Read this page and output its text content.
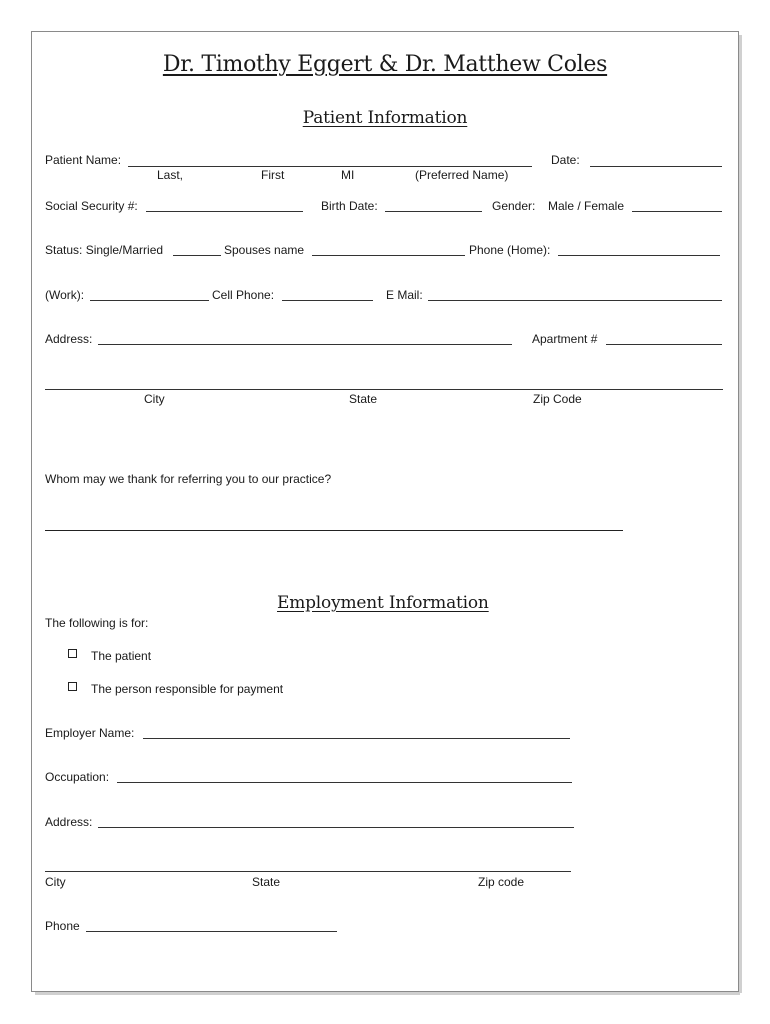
Dr. Timothy Eggert & Dr. Matthew Coles
Patient Information
Patient Name:	Date:
Last,	First	MI	(Preferred Name)
Social Security #:	Birth Date:	Gender: Male / Female
Status: Single/Married	Spouses name	Phone (Home):
(Work):	Cell Phone:	E Mail:
Address:	Apartment #
City	State	Zip Code
Whom may we thank for referring you to our practice?
Employment Information
The following is for:
The patient
The person responsible for payment
Employer Name:
Occupation:
Address:
City	State	Zip code
Phone
